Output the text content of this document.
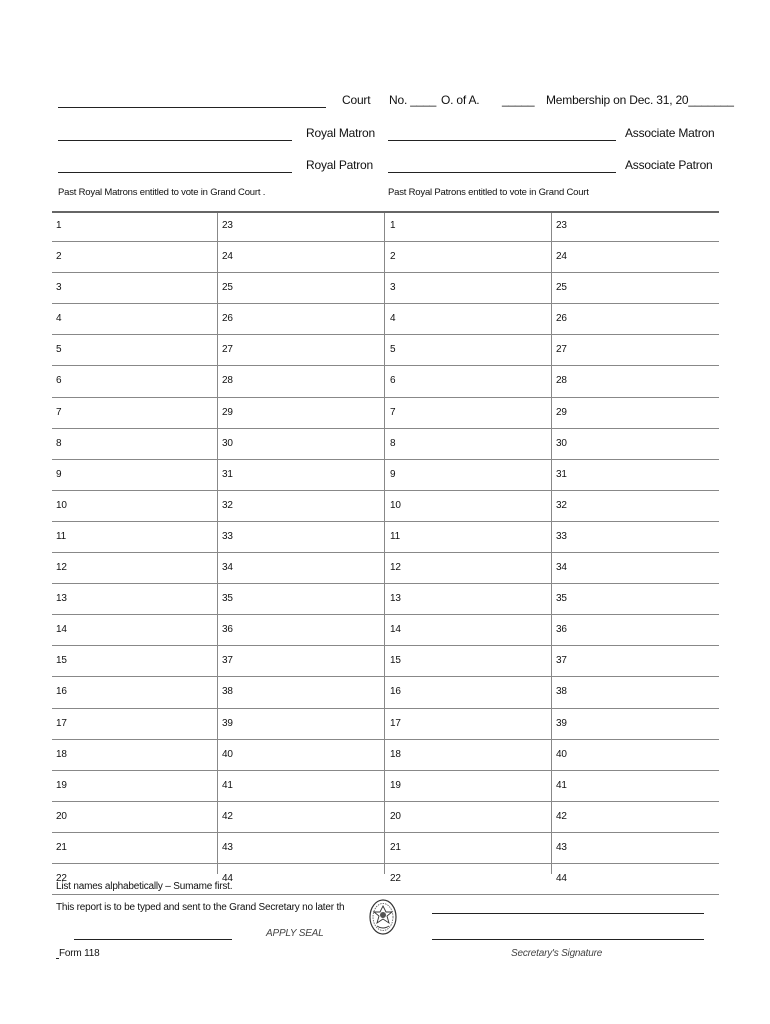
Court No. ____ O. of A. _____ Membership on Dec. 31, 20_______
Royal Matron	Associate Matron
Royal Patron	Associate Patron
Past Royal Matrons entitled to vote in Grand Court .	Past Royal Patrons entitled to vote in Grand Court
1	23	1	23
2	24	2	24
3	25	3	25
4	26	4	26
5	27	5	27
6	28	6	28
7	29	7	29
8	30	8	30
9	31	9	31
10	32	10	32
11	33	11	33
12	34	12	34
13	35	13	35
14	36	14	36
15	37	15	37
16	38	16	38
17	39	17	39
18	40	18	40
19	41	19	41
20	42	20	42
21	43	21	43
22	44	22	44
List names alphabetically – Sumame first.
This report is to be typed and sent to the Grand Secretary no later th
APPLY SEAL
Form 118	Secretary's Signature
